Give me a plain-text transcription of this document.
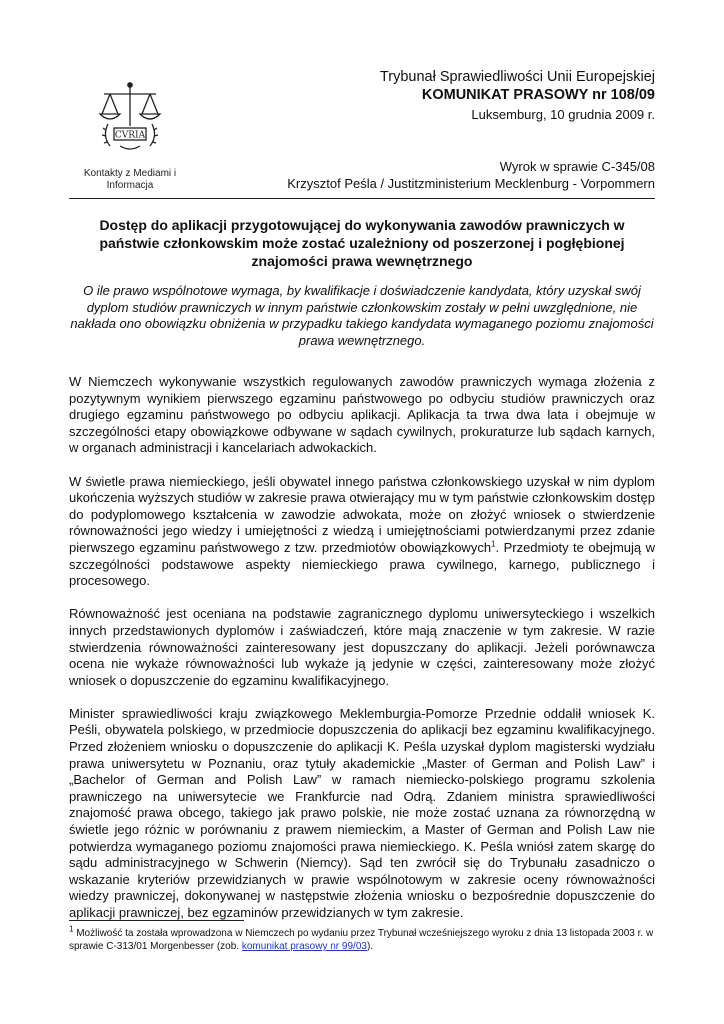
CVRIA
Kontakty z Mediami i
Informacja
Trybunał Sprawiedliwości Unii Europejskiej
KOMUNIKAT PRASOWY nr 108/09
Luksemburg, 10 grudnia 2009 r.
Wyrok w sprawie C-345/08
Krzysztof Peśla / Justitzministerium Mecklenburg - Vorpommern
Dostęp do aplikacji przygotowującej do wykonywania zawodów prawniczych w państwie członkowskim może zostać uzależniony od poszerzonej i pogłębionej znajomości prawa wewnętrznego
O ile prawo wspólnotowe wymaga, by kwalifikacje i doświadczenie kandydata, który uzyskał swój dyplom studiów prawniczych w innym państwie członkowskim zostały w pełni uwzględnione, nie nakłada ono obowiązku obniżenia w przypadku takiego kandydata wymaganego poziomu znajomości prawa wewnętrznego.

W Niemczech wykonywanie wszystkich regulowanych zawodów prawniczych wymaga złożenia z pozytywnym wynikiem pierwszego egzaminu państwowego po odbyciu studiów prawniczych oraz drugiego egzaminu państwowego po odbyciu aplikacji. Aplikacja ta trwa dwa lata i obejmuje w szczególności etapy obowiązkowe odbywane w sądach cywilnych, prokuraturze lub sądach karnych, w organach administracji i kancelariach adwokackich.

W świetle prawa niemieckiego, jeśli obywatel innego państwa członkowskiego uzyskał w nim dyplom ukończenia wyższych studiów w zakresie prawa otwierający mu w tym państwie członkowskim dostęp do podyplomowego kształcenia w zawodzie adwokata, może on złożyć wniosek o stwierdzenie równoważności jego wiedzy i umiejętności z wiedzą i umiejętnościami potwierdzanymi przez zdanie pierwszego egzaminu państwowego z tzw. przedmiotów obowiązkowych$^1$. Przedmioty te obejmują w szczególności podstawowe aspekty niemieckiego prawa cywilnego, karnego, publicznego i procesowego.

Równoważność jest oceniana na podstawie zagranicznego dyplomu uniwersyteckiego i wszelkich innych przedstawionych dyplomów i zaświadczeń, które mają znaczenie w tym zakresie. W razie stwierdzenia równoważności zainteresowany jest dopuszczany do aplikacji. Jeżeli porównawcza ocena nie wykaże równoważności lub wykaże ją jedynie w części, zainteresowany może złożyć wniosek o dopuszczenie do egzaminu kwalifikacyjnego.

Minister sprawiedliwości kraju związkowego Meklemburgia-Pomorze Przednie oddalił wniosek K. Peśli, obywatela polskiego, w przedmiocie dopuszczenia do aplikacji bez egzaminu kwalifikacyjnego. Przed złożeniem wniosku o dopuszczenie do aplikacji K. Peśla uzyskał dyplom magisterski wydziału prawa uniwersytetu w Poznaniu, oraz tytuły akademickie „Master of German and Polish Law” i „Bachelor of German and Polish Law” w ramach niemiecko-polskiego programu szkolenia prawniczego na uniwersytecie we Frankfurcie nad Odrą. Zdaniem ministra sprawiedliwości znajomość prawa obcego, takiego jak prawo polskie, nie może zostać uznana za równorzędną w świetle jego różnic w porównaniu z prawem niemieckim, a Master of German and Polish Law nie potwierdza wymaganego poziomu znajomości prawa niemieckiego. K. Peśla wniósł zatem skargę do sądu administracyjnego w Schwerin (Niemcy). Sąd ten zwrócił się do Trybunału zasadniczo o wskazanie kryteriów przewidzianych w prawie wspólnotowym w zakresie oceny równoważności wiedzy prawniczej, dokonywanej w następstwie złożenia wniosku o bezpośrednie dopuszczenie do aplikacji prawniczej, bez egzaminów przewidzianych w tym zakresie.

$^1$ Możliwość ta została wprowadzona w Niemczech po wydaniu przez Trybunał wcześniejszego wyroku z dnia 13 listopada 2003 r. w sprawie C-313/01 Morgenbesser (zob. komunikat prasowy nr 99/03).
